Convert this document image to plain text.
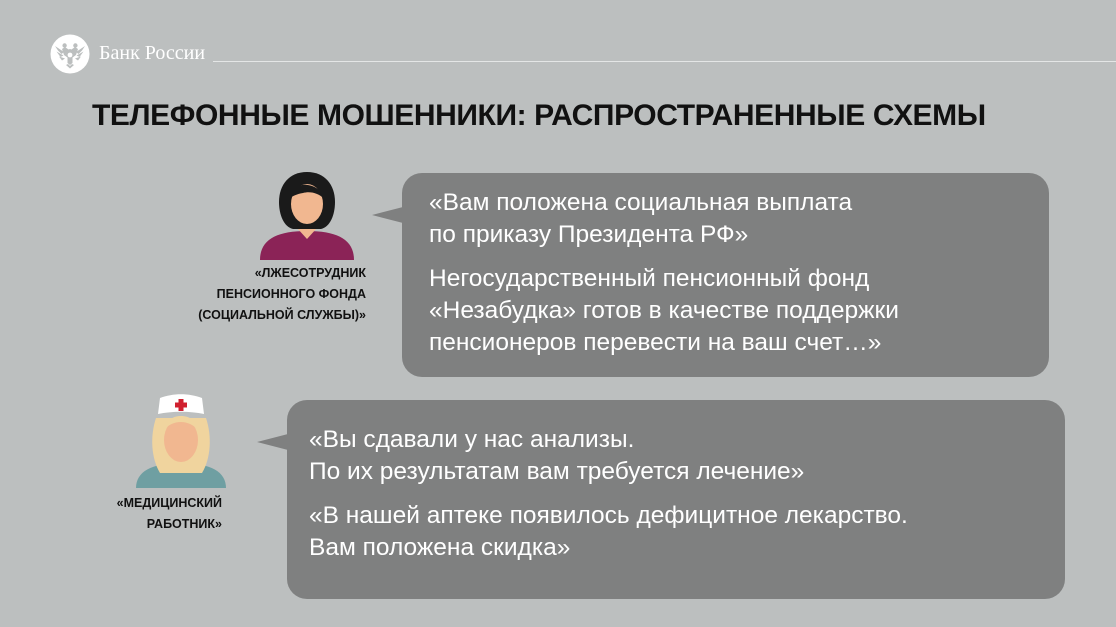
Банк России
ТЕЛЕФОННЫЕ МОШЕННИКИ: РАСПРОСТРАНЕННЫЕ СХЕМЫ
«ЛЖЕСОТРУДНИК
ПЕНСИОННОГО ФОНДА
(СОЦИАЛЬНОЙ СЛУЖБЫ)»
«МЕДИЦИНСКИЙ
РАБОТНИК»

«Вам положена социальная выплата
по приказу Президента РФ»

Негосударственный пенсионный фонд
«Незабудка» готов в качестве поддержки
пенсионеров перевести на ваш счет…»

«Вы сдавали у нас анализы.
По их результатам вам требуется лечение»

«В нашей аптеке появилось дефицитное лекарство.
Вам положена скидка»
